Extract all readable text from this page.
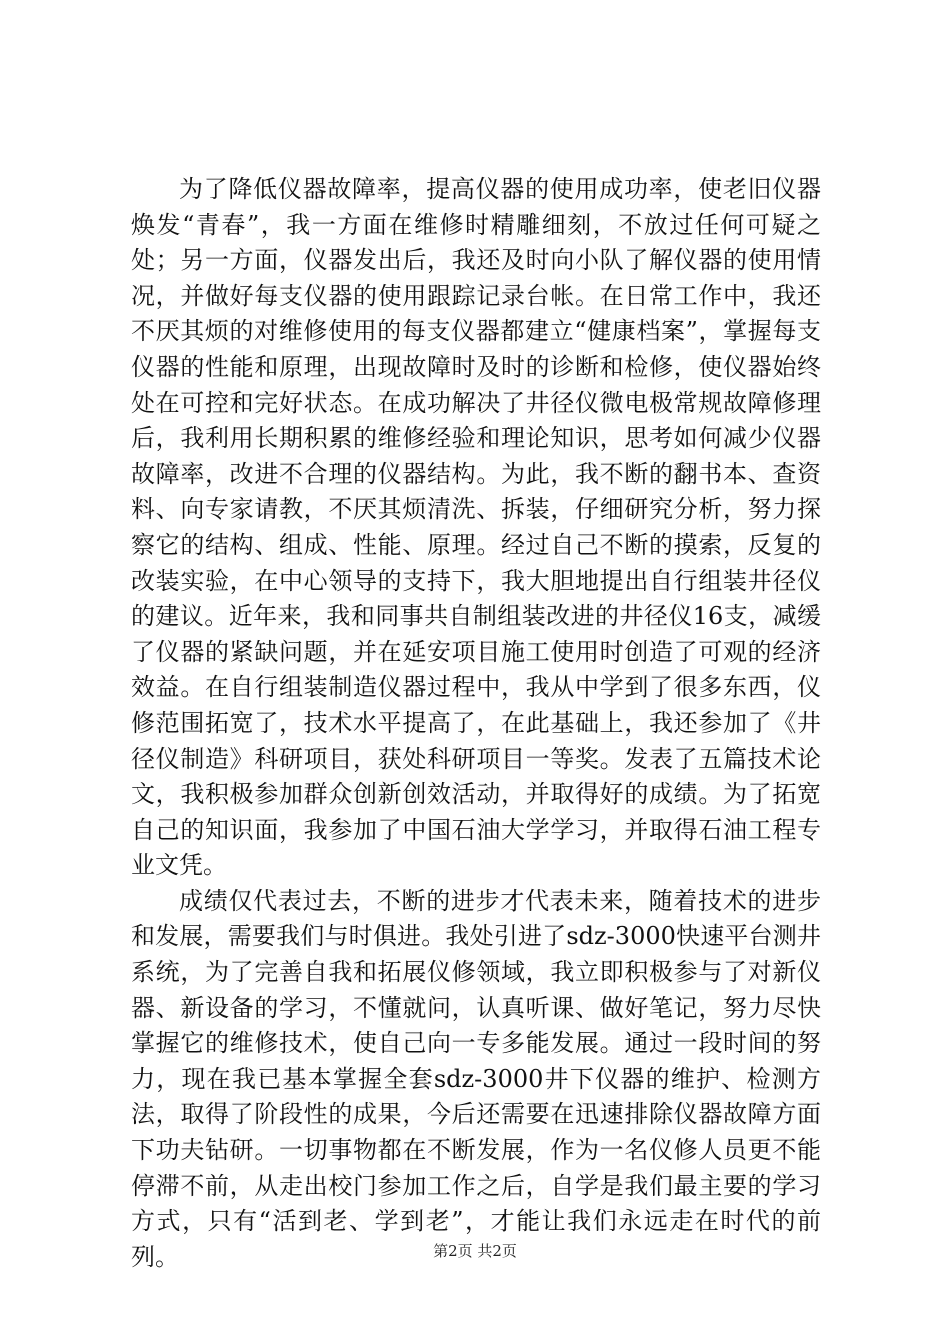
为了降低仪器故障率，提高仪器的使用成功率，使老旧仪器焕发“青春”，我一方面在维修时精雕细刻，不放过任何可疑之处；另一方面，仪器发出后，我还及时向小队了解仪器的使用情况，并做好每支仪器的使用跟踪记录台帐。在日常工作中，我还不厌其烦的对维修使用的每支仪器都建立“健康档案”，掌握每支仪器的性能和原理，出现故障时及时的诊断和检修，使仪器始终处在可控和完好状态。在成功解决了井径仪微电极常规故障修理后，我利用长期积累的维修经验和理论知识，思考如何减少仪器故障率，改进不合理的仪器结构。为此，我不断的翻书本、查资料、向专家请教，不厌其烦清洗、拆装，仔细研究分析，努力探察它的结构、组成、性能、原理。经过自己不断的摸索，反复的改装实验，在中心领导的支持下，我大胆地提出自行组装井径仪的建议。近年来，我和同事共自制组装改进的井径仪16支，减缓了仪器的紧缺问题，并在延安项目施工使用时创造了可观的经济效益。在自行组装制造仪器过程中，我从中学到了很多东西，仪修范围拓宽了，技术水平提高了，在此基础上，我还参加了《井径仪制造》科研项目，获处科研项目一等奖。发表了五篇技术论文，我积极参加群众创新创效活动，并取得好的成绩。为了拓宽自己的知识面，我参加了中国石油大学学习，并取得石油工程专业文凭。

成绩仅代表过去，不断的进步才代表未来，随着技术的进步和发展，需要我们与时俱进。我处引进了sdz-3000快速平台测井系统，为了完善自我和拓展仪修领域，我立即积极参与了对新仪器、新设备的学习，不懂就问，认真听课、做好笔记，努力尽快掌握它的维修技术，使自己向一专多能发展。通过一段时间的努力，现在我已基本掌握全套sdz-3000井下仪器的维护、检测方法，取得了阶段性的成果，今后还需要在迅速排除仪器故障方面下功夫钻研。一切事物都在不断发展，作为一名仪修人员更不能停滞不前，从走出校门参加工作之后，自学是我们最主要的学习方式，只有“活到老、学到老”，才能让我们永远走在时代的前列。	第2页 共2页
